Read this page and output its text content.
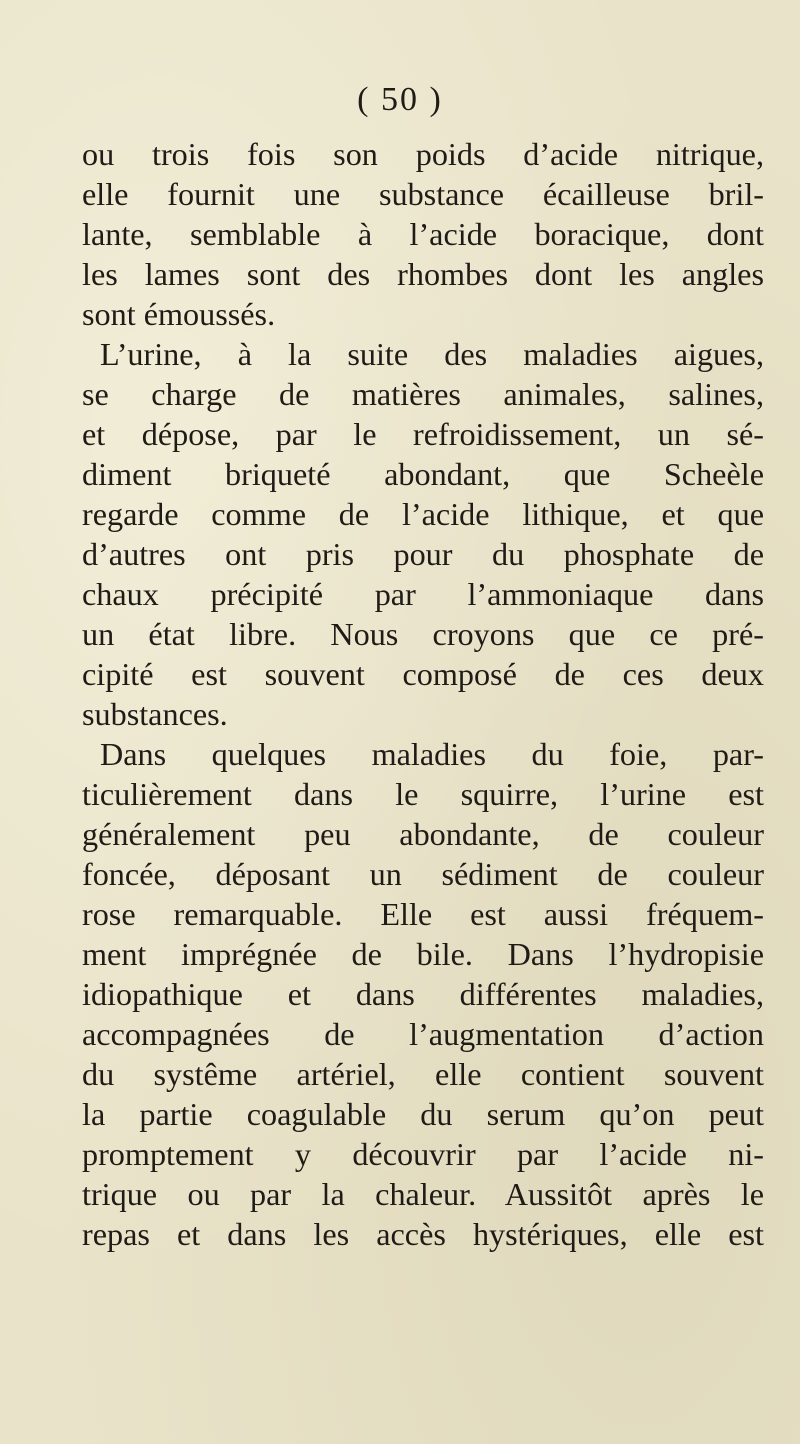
( 50 )
ou trois fois son poids d’acide nitrique,
elle fournit une substance écailleuse bril-
lante, semblable à l’acide boracique, dont
les lames sont des rhombes dont les angles
sont émoussés.
L’urine, à la suite des maladies aigues,
se charge de matières animales, salines,
et dépose, par le refroidissement, un sé-
diment briqueté abondant, que Scheèle
regarde comme de l’acide lithique, et que
d’autres ont pris pour du phosphate de
chaux précipité par l’ammoniaque dans
un état libre. Nous croyons que ce pré-
cipité est souvent composé de ces deux
substances.
Dans quelques maladies du foie, par-
ticulièrement dans le squirre, l’urine est
généralement peu abondante, de couleur
foncée, déposant un sédiment de couleur
rose remarquable. Elle est aussi fréquem-
ment imprégnée de bile. Dans l’hydropisie
idiopathique et dans différentes maladies,
accompagnées de l’augmentation d’action
du systême artériel, elle contient souvent
la partie coagulable du serum qu’on peut
promptement y découvrir par l’acide ni-
trique ou par la chaleur. Aussitôt après le
repas et dans les accès hystériques, elle est
